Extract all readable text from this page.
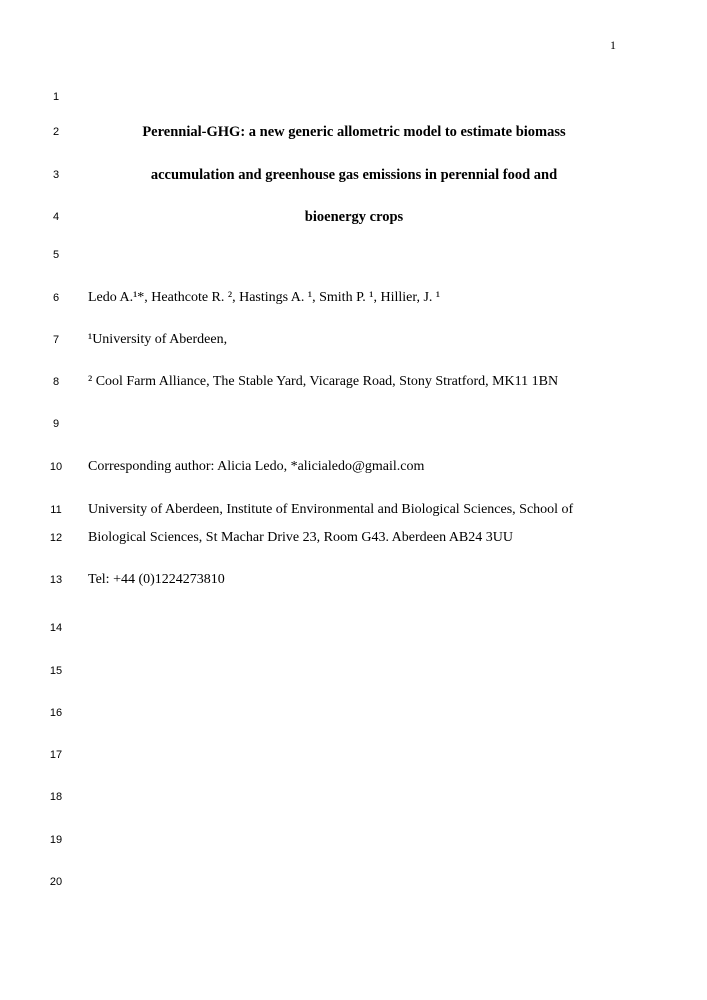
1
1
2	Perennial-GHG: a new generic allometric model to estimate biomass
3	accumulation and greenhouse gas emissions in perennial food and
4	bioenergy crops
5
6	Ledo A.¹*, Heathcote R. ², Hastings A. ¹, Smith P. ¹, Hillier, J. ¹
7	¹University of Aberdeen,
8	² Cool Farm Alliance, The Stable Yard, Vicarage Road, Stony Stratford, MK11 1BN
9
10	Corresponding author: Alicia Ledo, *alicialedo@gmail.com
11	University of Aberdeen, Institute of Environmental and Biological Sciences, School of
12	Biological Sciences, St Machar Drive 23, Room G43. Aberdeen AB24 3UU
13	Tel: +44 (0)1224273810
14
15
16
17
18
19
20
